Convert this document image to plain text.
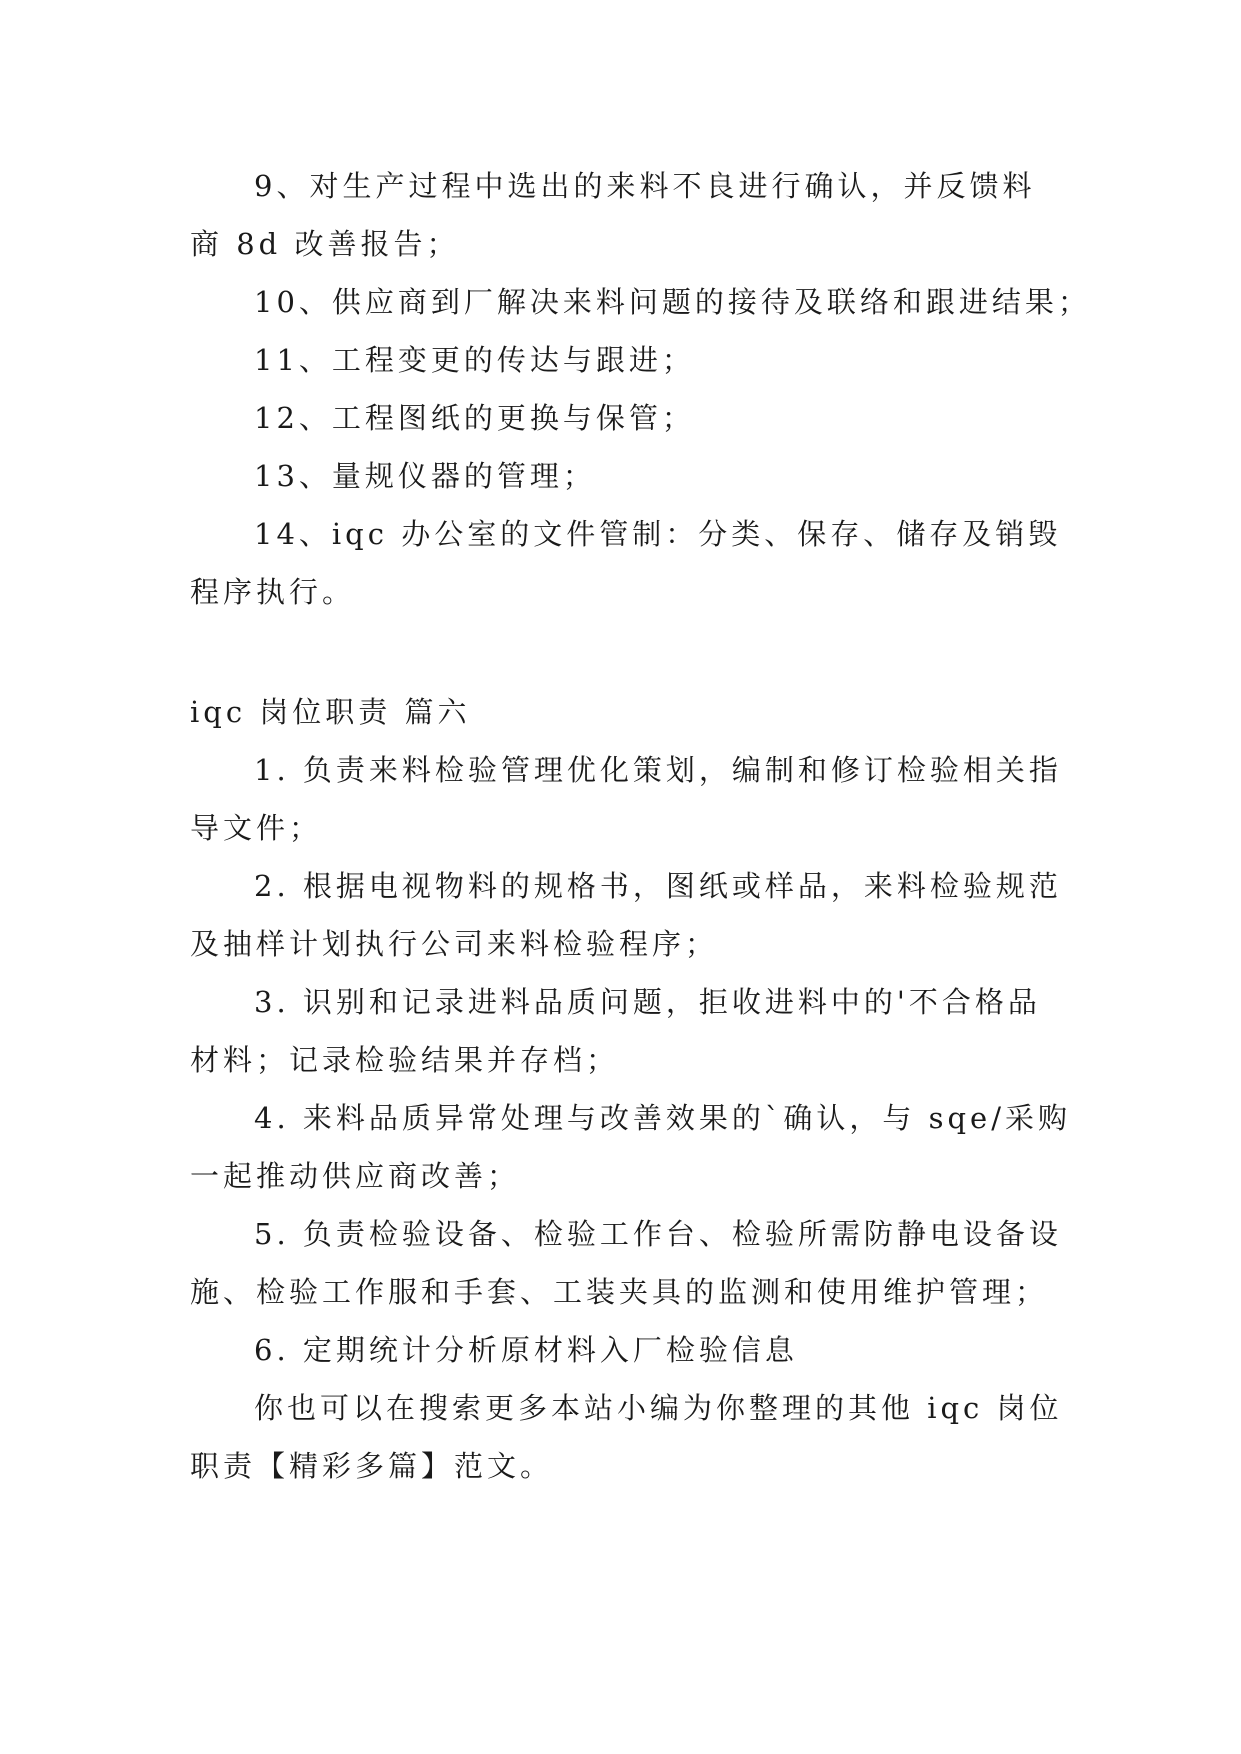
9、对生产过程中选出的来料不良进行确认，并反馈料
商 8d 改善报告；
10、供应商到厂解决来料问题的接待及联络和跟进结果；
11、工程变更的传达与跟进；
12、工程图纸的更换与保管；
13、量规仪器的管理；
14、iqc 办公室的文件管制：分类、保存、储存及销毁
程序执行。
iqc 岗位职责 篇六
1. 负责来料检验管理优化策划，编制和修订检验相关指
导文件；
2. 根据电视物料的规格书，图纸或样品，来料检验规范
及抽样计划执行公司来料检验程序；
3. 识别和记录进料品质问题，拒收进料中的'不合格品
材料；记录检验结果并存档；
4. 来料品质异常处理与改善效果的`确认，与 sqe/采购
一起推动供应商改善；
5. 负责检验设备、检验工作台、检验所需防静电设备设
施、检验工作服和手套、工装夹具的监测和使用维护管理；
6. 定期统计分析原材料入厂检验信息
你也可以在搜索更多本站小编为你整理的其他 iqc 岗位
职责【精彩多篇】范文。
